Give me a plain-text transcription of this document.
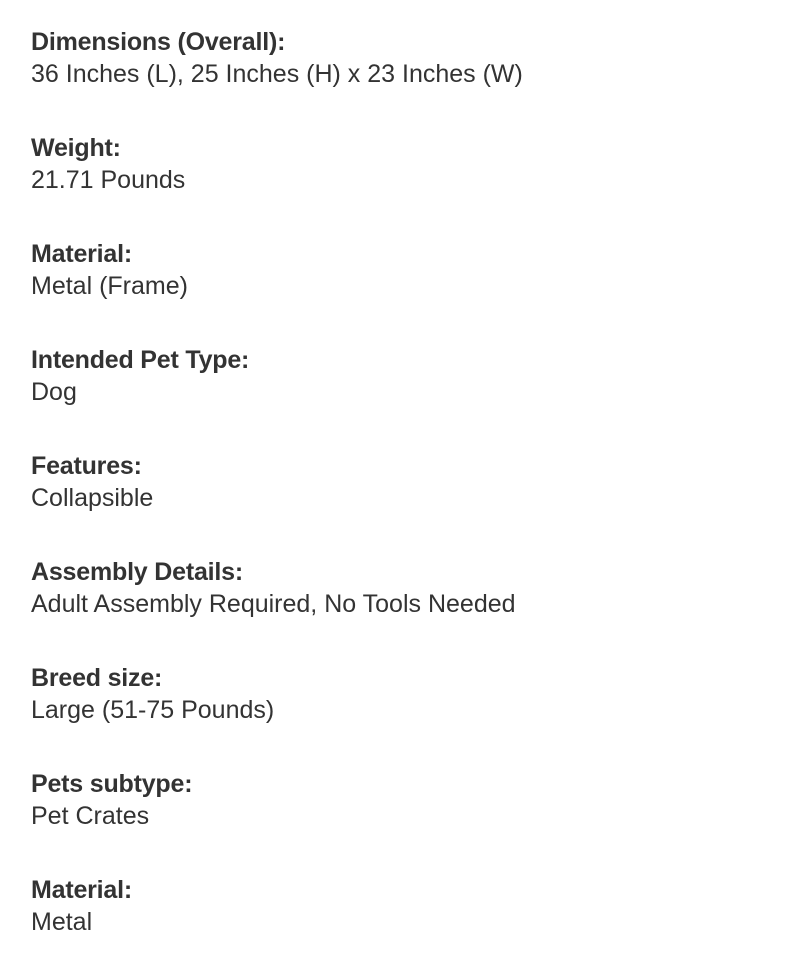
Dimensions (Overall):
36 Inches (L), 25 Inches (H) x 23 Inches (W)
Weight:
21.71 Pounds
Material:
Metal (Frame)
Intended Pet Type:
Dog
Features:
Collapsible
Assembly Details:
Adult Assembly Required, No Tools Needed
Breed size:
Large (51-75 Pounds)
Pets subtype:
Pet Crates
Material:
Metal
